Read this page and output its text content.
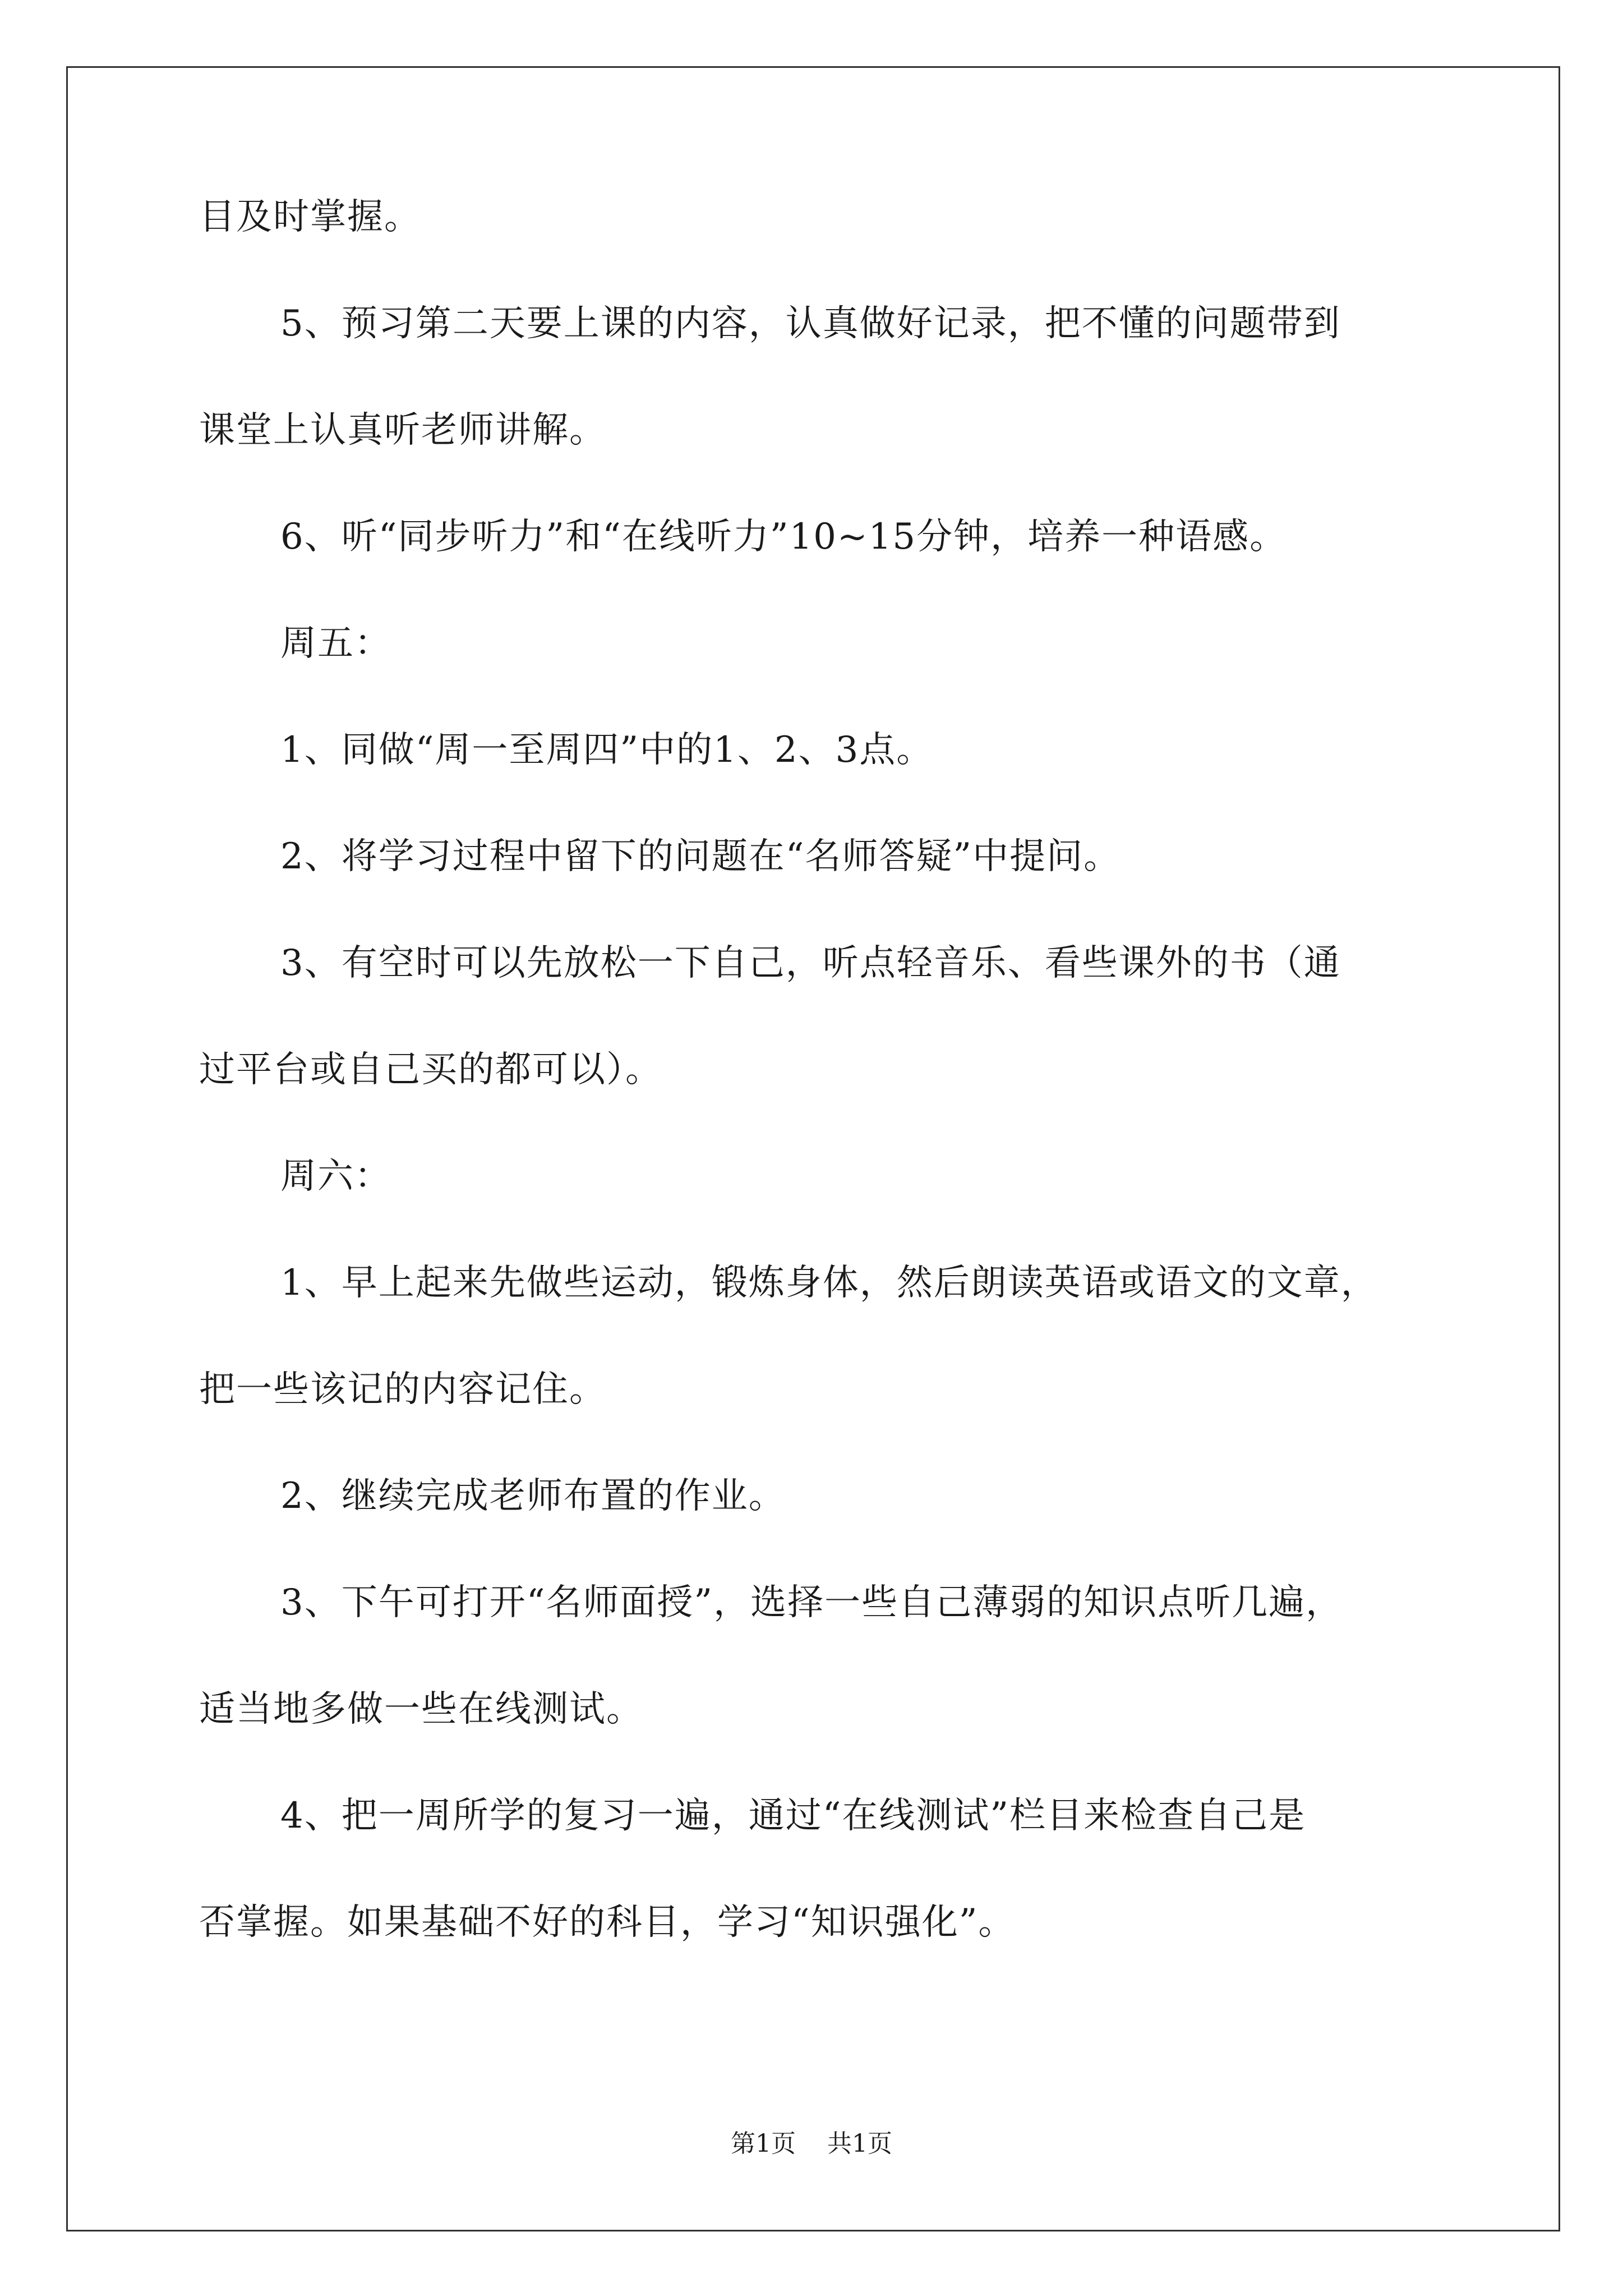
目及时掌握。
5、预习第二天要上课的内容，认真做好记录，把不懂的问题带到
课堂上认真听老师讲解。
6、听“同步听力”和“在线听力”10~15分钟，培养一种语感。
周五：
1、同做“周一至周四”中的1、2、3点。
2、将学习过程中留下的问题在“名师答疑”中提问。
3、有空时可以先放松一下自己，听点轻音乐、看些课外的书（通
过平台或自己买的都可以）。
周六：
1、早上起来先做些运动，锻炼身体，然后朗读英语或语文的文章，
把一些该记的内容记住。
2、继续完成老师布置的作业。
3、下午可打开“名师面授”，选择一些自己薄弱的知识点听几遍，
适当地多做一些在线测试。
4、把一周所学的复习一遍，通过“在线测试”栏目来检查自己是
否掌握。如果基础不好的科目，学习“知识强化”。
第1页 共1页
